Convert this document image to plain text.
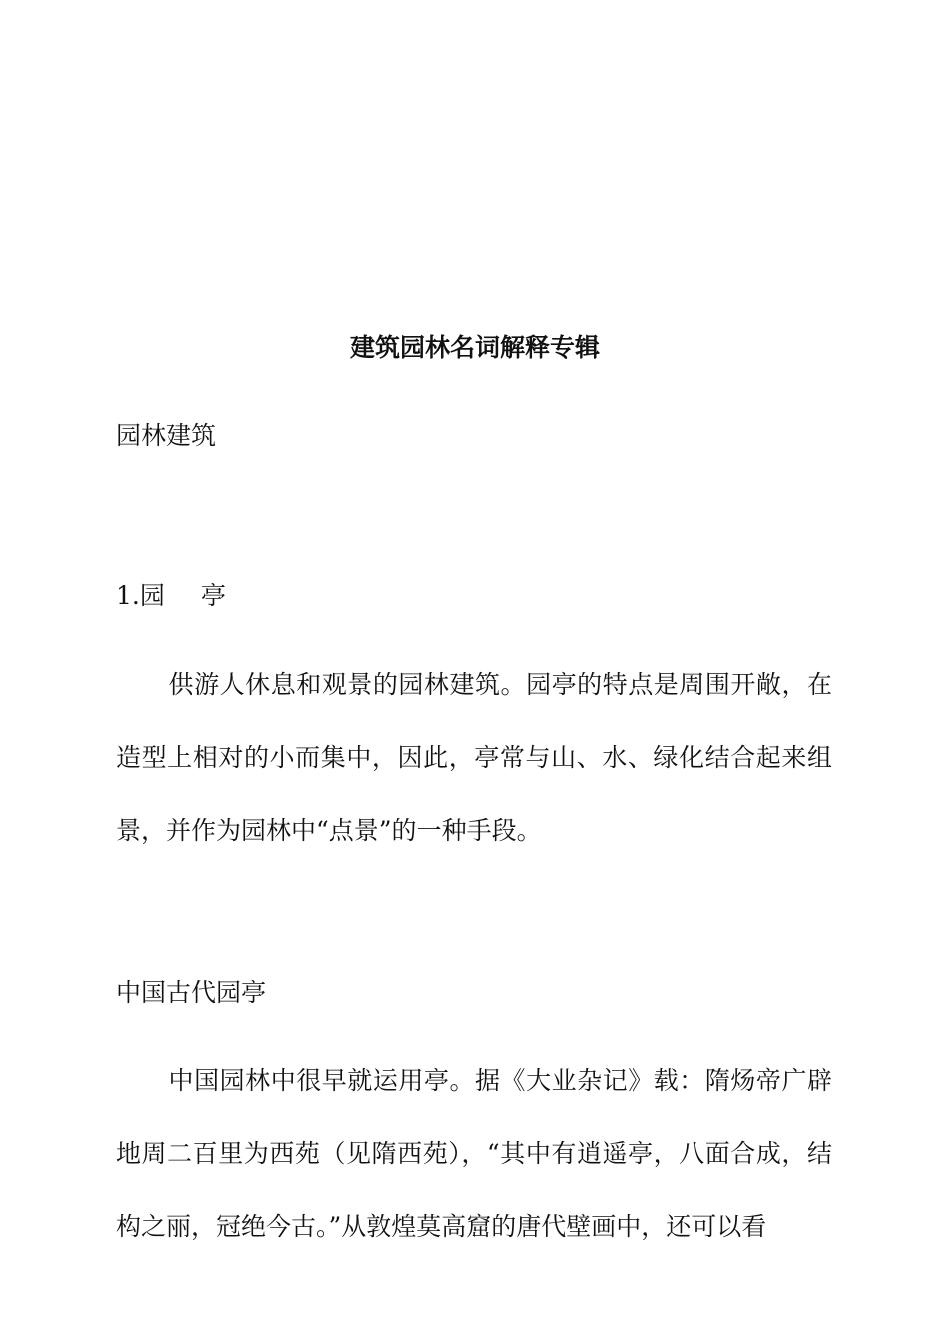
建筑园林名词解释专辑
园林建筑
1.园 亭
供游人休息和观景的园林建筑。园亭的特点是周围开敞，在造型上相对的小而集中，因此，亭常与山、水、绿化结合起来组景，并作为园林中“点景”的一种手段。
中国古代园亭
中国园林中很早就运用亭。据《大业杂记》载：隋炀帝广辟地周二百里为西苑（见隋西苑），“其中有逍遥亭，八面合成，结构之丽，冠绝今古。”从敦煌莫高窟的唐代壁画中，还可以看
